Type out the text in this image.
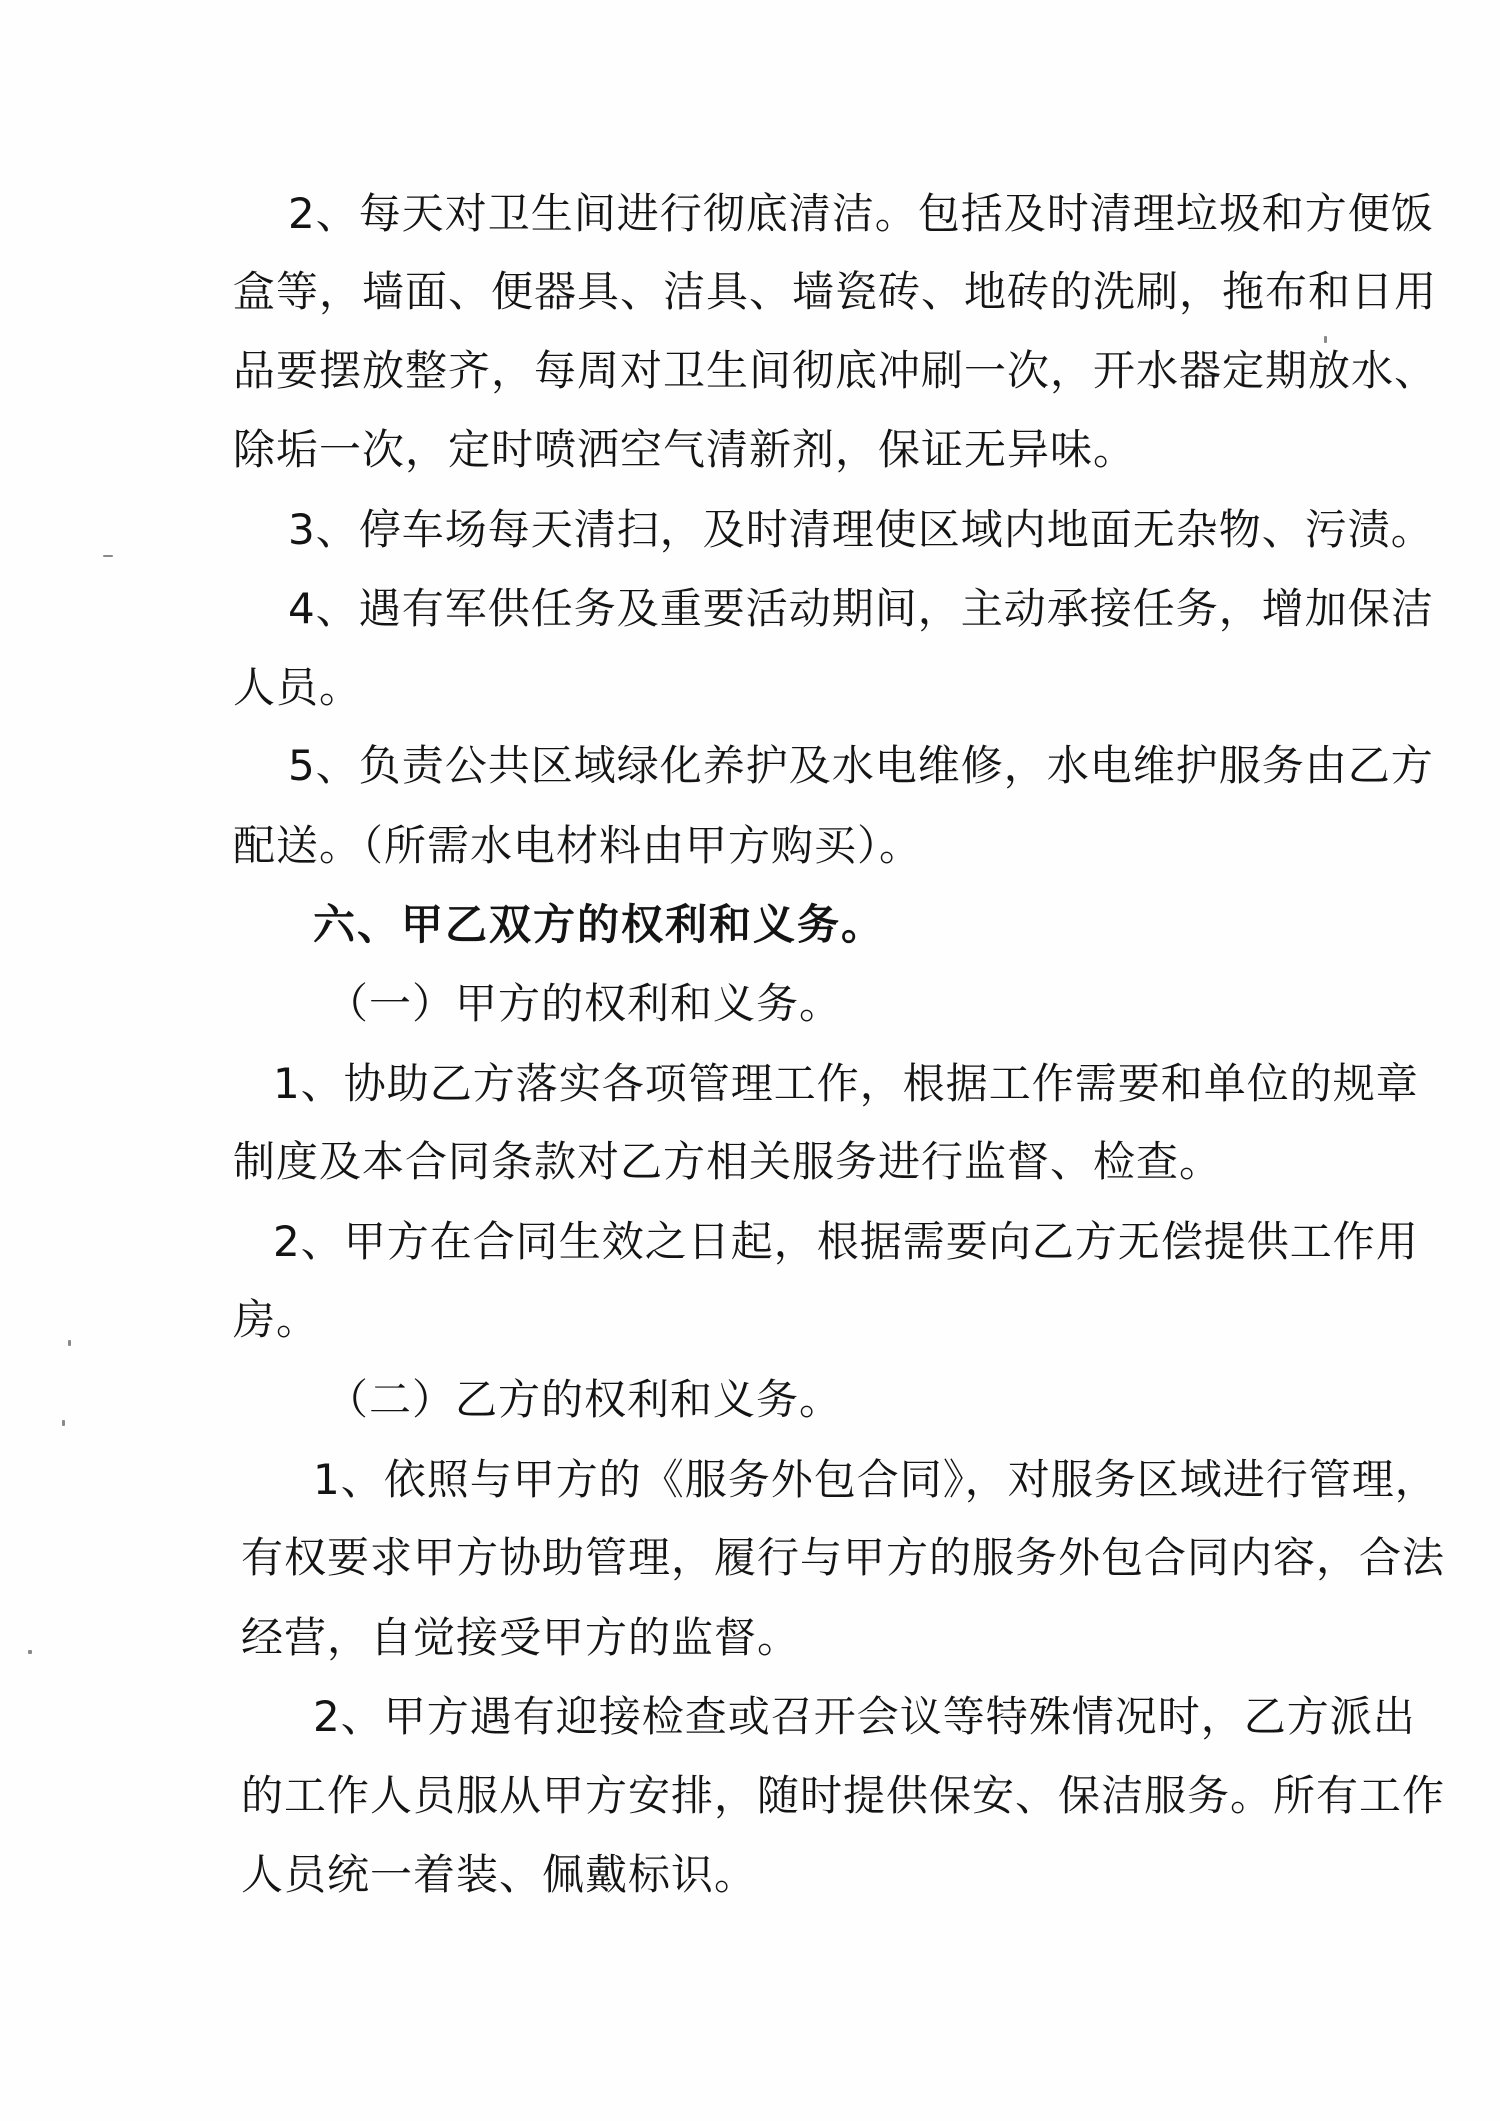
2、每天对卫生间进行彻底清洁。包括及时清理垃圾和方便饭
盒等，墙面、便器具、洁具、墙瓷砖、地砖的洗刷，拖布和日用
品要摆放整齐，每周对卫生间彻底冲刷一次，开水器定期放水、
除垢一次，定时喷洒空气清新剂，保证无异味。
3、停车场每天清扫，及时清理使区域内地面无杂物、污渍。
4、遇有军供任务及重要活动期间，主动承接任务，增加保洁
人员。
5、负责公共区域绿化养护及水电维修，水电维护服务由乙方
配送。（所需水电材料由甲方购买）。
六、甲乙双方的权利和义务。
（一）甲方的权利和义务。
1、协助乙方落实各项管理工作，根据工作需要和单位的规章
制度及本合同条款对乙方相关服务进行监督、检查。
2、甲方在合同生效之日起，根据需要向乙方无偿提供工作用
房。
（二）乙方的权利和义务。
1、依照与甲方的《服务外包合同》，对服务区域进行管理，
有权要求甲方协助管理，履行与甲方的服务外包合同内容，合法
经营，自觉接受甲方的监督。
2、甲方遇有迎接检查或召开会议等特殊情况时，乙方派出
的工作人员服从甲方安排，随时提供保安、保洁服务。所有工作
人员统一着装、佩戴标识。
